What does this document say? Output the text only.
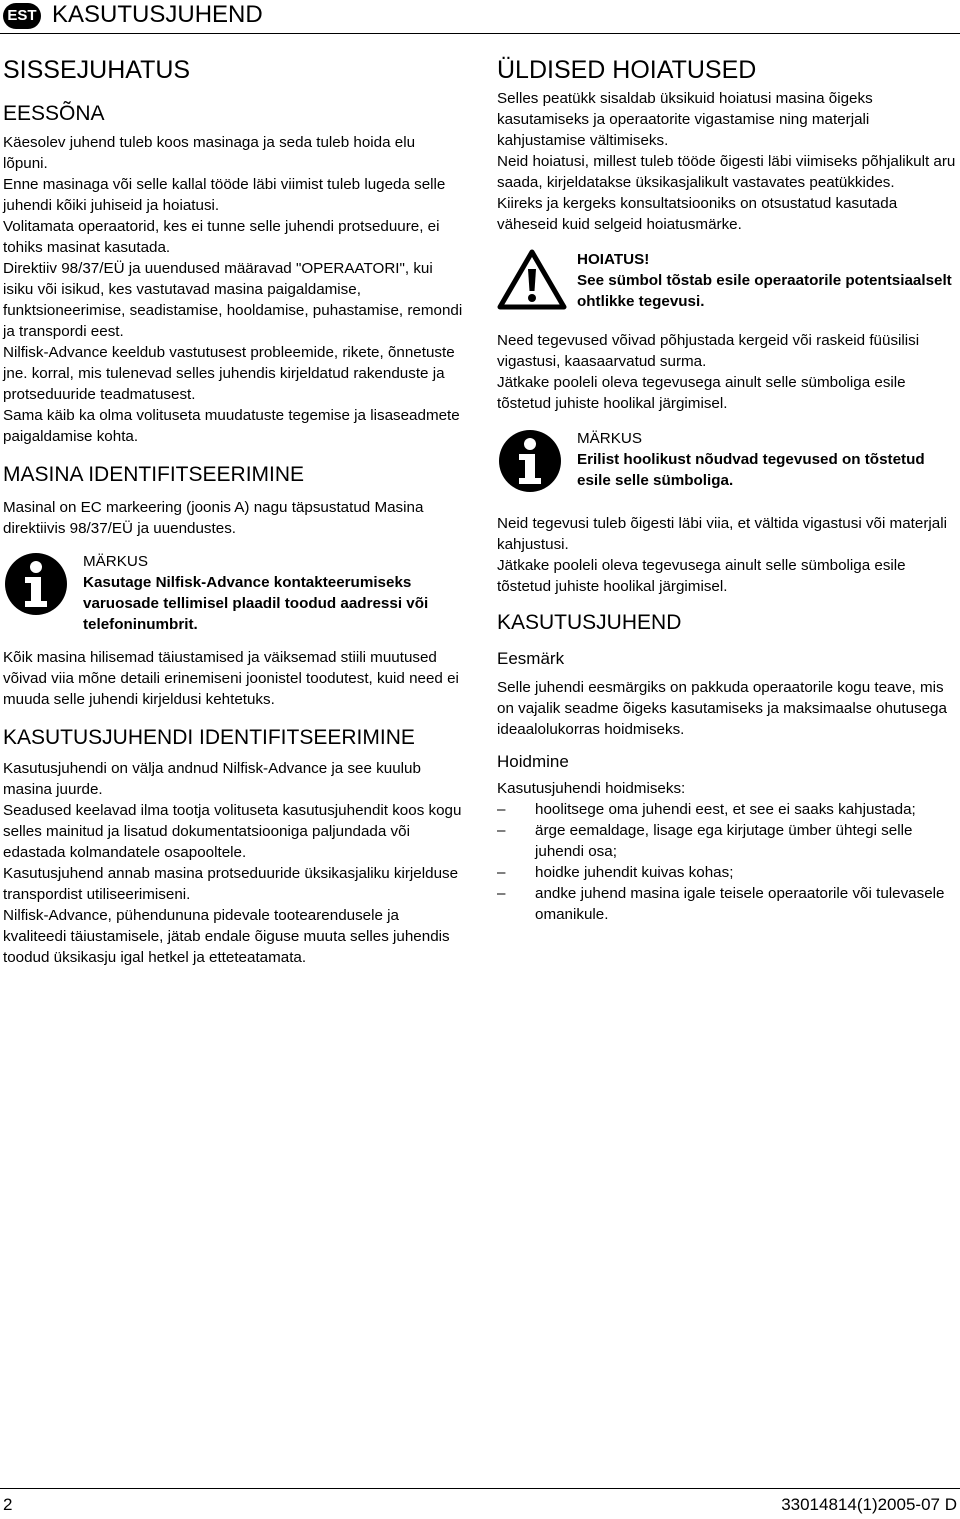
EST KASUTUSJUHEND
SISSEJUHATUS
EESSÕNA

Käesolev juhend tuleb koos masinaga ja seda tuleb hoida elu lõpuni.

Enne masinaga või selle kallal tööde läbi viimist tuleb lugeda selle juhendi kõiki juhiseid ja hoiatusi.

Volitamata operaatorid, kes ei tunne selle juhendi protseduure, ei tohiks masinat kasutada.

Direktiiv 98/37/EÜ ja uuendused määravad "OPERAATORI", kui isiku või isikud, kes vastutavad masina paigaldamise, funktsioneerimise, seadistamise, hooldamise, puhastamise, remondi ja transpordi eest.

Nilfisk-Advance keeldub vastutusest probleemide, rikete, õnnetuste jne. korral, mis tulenevad selles juhendis kirjeldatud rakenduste ja protseduuride teadmatusest.

Sama käib ka olma volituseta muudatuste tegemise ja lisaseadmete paigaldamise kohta.

MASINA IDENTIFITSEERIMINE

Masinal on EC markeering (joonis A) nagu täpsustatud Masina direktiivis 98/37/EÜ ja uuendustes.

MÄRKUS
Kasutage Nilfisk-Advance kontakteerumiseks varuosade tellimisel plaadil toodud aadressi või telefoninumbrit.

Kõik masina hilisemad täiustamised ja väiksemad stiili muutused võivad viia mõne detaili erinemiseni joonistel toodutest, kuid need ei muuda selle juhendi kirjeldusi kehtetuks.

KASUTUSJUHENDI IDENTIFITSEERIMINE

Kasutusjuhendi on välja andnud Nilfisk-Advance ja see kuulub masina juurde.

Seadused keelavad ilma tootja volituseta kasutusjuhendit koos kogu selles mainitud ja lisatud dokumentatsiooniga paljundada või edastada kolmandatele osapooltele.

Kasutusjuhend annab masina protseduuride üksikasjaliku kirjelduse transpordist utiliseerimiseni.

Nilfisk-Advance, pühendununa pidevale tootearendusele ja kvaliteedi täiustamisele, jätab endale õiguse muuta selles juhendis toodud üksikasju igal hetkel ja etteteatamata.

ÜLDISED HOIATUSED

Selles peatükk sisaldab üksikuid hoiatusi masina õigeks kasutamiseks ja operaatorite vigastamise ning materjali kahjustamise vältimiseks.

Neid hoiatusi, millest tuleb tööde õigesti läbi viimiseks põhjalikult aru saada, kirjeldatakse üksikasjalikult vastavates peatükkides.

Kiireks ja kergeks konsultatsiooniks on otsustatud kasutada väheseid kuid selgeid hoiatusmärke.

HOIATUS!
See sümbol tõstab esile operaatorile potentsiaalselt ohtlikke tegevusi.

Need tegevused võivad põhjustada kergeid või raskeid füüsilisi vigastusi, kaasaarvatud surma.

Jätkake pooleli oleva tegevusega ainult selle sümboliga esile tõstetud juhiste hoolikal järgimisel.

MÄRKUS
Erilist hoolikust nõudvad tegevused on tõstetud esile selle sümboliga.

Neid tegevusi tuleb õigesti läbi viia, et vältida vigastusi või materjali kahjustusi.

Jätkake pooleli oleva tegevusega ainult selle sümboliga esile tõstetud juhiste hoolikal järgimisel.

KASUTUSJUHEND
Eesmärk

Selle juhendi eesmärgiks on pakkuda operaatorile kogu teave, mis on vajalik seadme õigeks kasutamiseks ja maksimaalse ohutusega ideaalolukorras hoidmiseks.

Hoidmine

Kasutusjuhendi hoidmiseks:

–	hoolitsege oma juhendi eest, et see ei saaks kahjustada;
–	ärge eemaldage, lisage ega kirjutage ümber ühtegi selle juhendi osa;
–	hoidke juhendit kuivas kohas;
–	andke juhend masina igale teisele operaatorile või tulevasele omanikule.
2	33014814(1)2005-07 D
